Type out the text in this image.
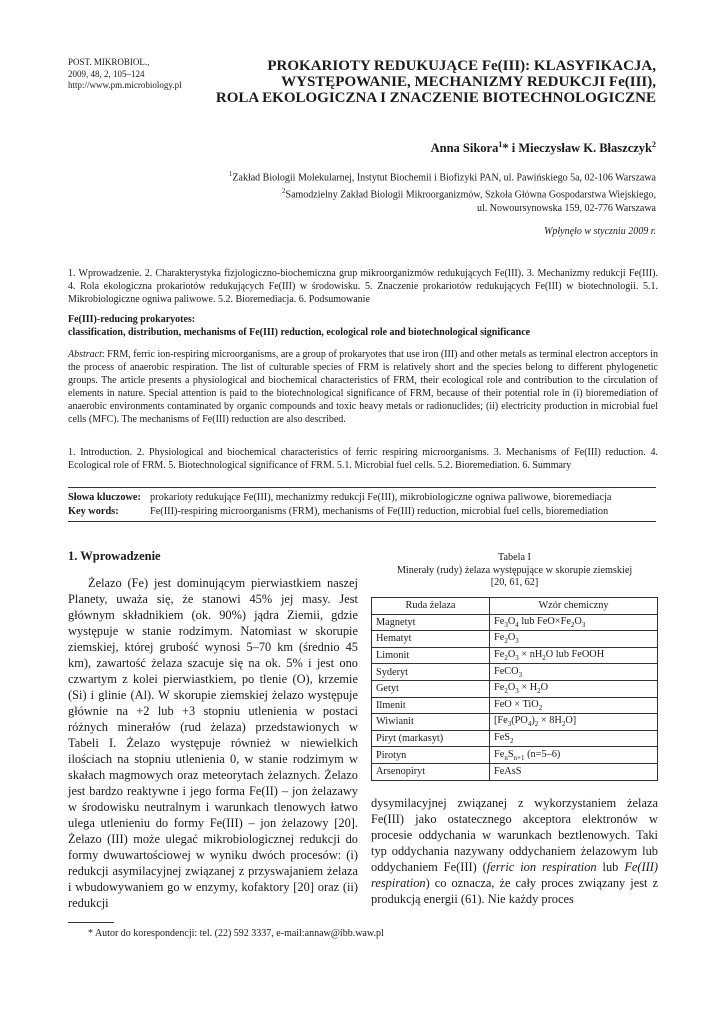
POST. MIKROBIOL.,
2009, 48, 2, 105–124
http://www.pm.microbiology.pl
PROKARIOTY REDUKUJĄCE Fe(III): KLASYFIKACJA,
WYSTĘPOWANIE, MECHANIZMY REDUKCJI Fe(III),
ROLA EKOLOGICZNA I ZNACZENIE BIOTECHNOLOGICZNE
Anna Sikora$^1$* i Mieczysław K. Błaszczyk$^2$
$^1$Zakład Biologii Molekularnej, Instytut Biochemii i Biofizyki PAN, ul. Pawińskiego 5a, 02-106 Warszawa
$^2$Samodzielny Zakład Biologii Mikroorganizmów, Szkoła Główna Gospodarstwa Wiejskiego,
ul. Nowoursynowska 159, 02-776 Warszawa
Wpłynęło w styczniu 2009 r.
1. Wprowadzenie. 2. Charakterystyka fizjologiczno-biochemiczna grup mikroorganizmów redukujących Fe(III). 3. Mechanizmy redukcji Fe(III). 4. Rola ekologiczna prokariotów redukujących Fe(III) w środowisku. 5. Znaczenie prokariotów redukujących Fe(III) w biotechnologii. 5.1. Mikrobiologiczne ogniwa paliwowe. 5.2. Bioremediacja. 6. Podsumowanie
Fe(III)-reducing prokaryotes:
classification, distribution, mechanisms of Fe(III) reduction, ecological role and biotechnological significance
Abstract: FRM, ferric ion-respiring microorganisms, are a group of prokaryotes that use iron (III) and other metals as terminal electron acceptors in the process of anaerobic respiration. The list of culturable species of FRM is relatively short and the species belong to different phylogenetic groups. The article presents a physiological and biochemical characteristics of FRM, their ecological role and contribution to the circulation of elements in nature. Special attention is paid to the biotechnological significance of FRM, because of their potential role in (i) bioremediation of anaerobic environments contaminated by organic compounds and toxic heavy metals or radionuclides; (ii) electricity production in microbial fuel cells (MFC). The mechanisms of Fe(III) reduction are also described.
1. Introduction. 2. Physiological and biochemical characteristics of ferric respiring microorganisms. 3. Mechanisms of Fe(III) reduction. 4. Ecological role of FRM. 5. Biotechnological significance of FRM. 5.1. Microbial fuel cells. 5.2. Bioremediation. 6. Summary
Słowa kluczowe: prokarioty redukujące Fe(III), mechanizmy redukcji Fe(III), mikrobiologiczne ogniwa paliwowe, bioremediacja
Key words:	Fe(III)-respiring microorganisms (FRM), mechanisms of Fe(III) reduction, microbial fuel cells, bioremediation
1. Wprowadzenie
Żelazo (Fe) jest dominującym pierwiastkiem naszej Planety, uważa się, że stanowi 45% jej masy. Jest głównym składnikiem (ok. 90%) jądra Ziemii, gdzie występuje w stanie rodzimym. Natomiast w skorupie ziemskiej, której grubość wynosi 5–70 km (średnio 45 km), zawartość żelaza szacuje się na ok. 5% i jest ono czwartym z kolei pierwiastkiem, po tlenie (O), krzemie (Si) i glinie (Al). W skorupie ziemskiej żelazo występuje głównie na +2 lub +3 stopniu utlenienia w postaci różnych minerałów (rud żelaza) przedstawionych w Tabeli I. Żelazo występuje również w niewielkich ilościach na stopniu utlenienia 0, w stanie rodzimym w skałach magmowych oraz meteorytach żelaznych. Żelazo jest bardzo reaktywne i jego forma Fe(II) – jon żelazawy w środowisku neutralnym i warunkach tlenowych łatwo ulega utlenieniu do formy Fe(III) – jon żelazowy [20]. Żelazo (III) może ulegać mikrobiologicznej redukcji do formy dwuwartościowej w wyniku dwóch procesów: (i) redukcji asymilacyjnej związanej z przyswajaniem żelaza i wbudowywaniem go w enzymy, kofaktory [20] oraz (ii) redukcji
Tabela I
Minerały (rudy) żelaza występujące w skorupie ziemskiej
[20, 61, 62]
Ruda żelaza	Wzór chemiczny
Magnetyt	$Fe_3O_4$ lub $FeO\times Fe_2O_3$
Hematyt	$Fe_2O_3$
Limonit	$Fe_2O_3 \times nH_2O$ lub FeOOH
Syderyt	FeCO$_3$
Getyt	$Fe_2O_3 \times H_2O$
Ilmenit	FeO × TiO$_2$
Wiwianit	$[Fe_3(PO_4)_2 \times 8H_2O]$
Piryt (markasyt)	FeS$_2$
Pirotyn	$Fe_nS_{n+1}$ (n=5–6)
Arsenopiryt	FeAsS
dysymilacyjnej związanej z wykorzystaniem żelaza Fe(III) jako ostatecznego akceptora elektronów w procesie oddychania w warunkach beztlenowych. Taki typ oddychania nazywany oddychaniem żelazowym lub oddychaniem Fe(III) (ferric ion respiration lub Fe(III) respiration) co oznacza, że cały proces związany jest z produkcją energii (61). Nie każdy proces
* Autor do korespondencji: tel. (22) 592 3337, e-mail:annaw@ibb.waw.pl
